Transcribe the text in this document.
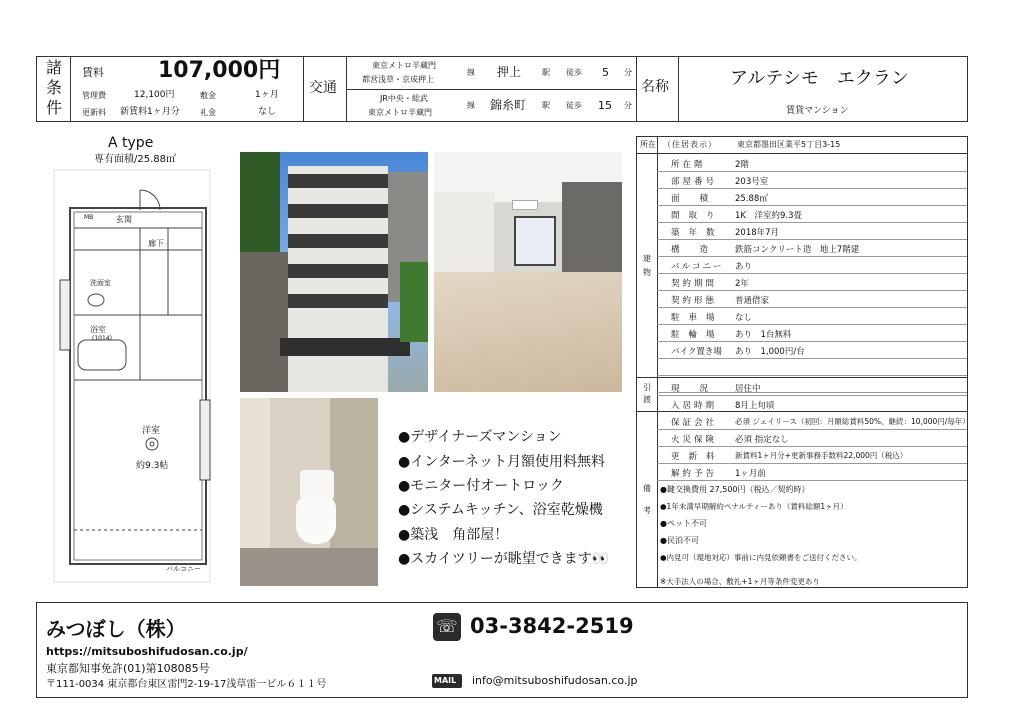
諸
条
件
賃料 107,000円
管理費	12,100円	敷金	1ヶ月
更新料 新賃料1ヶ月分	礼金	なし
交通
東京メトロ半蔵門
都営浅草・京成押上
線 押上	駅 徒歩 5 分
JR中央・総武
東京メトロ半蔵門
線 錦糸町 駅 徒歩 15 分
名称	アルテシモ　エクラン
賃貸マンション
A type
専有面積/25.88㎡
MB	玄関
廊下
洗面室
浴室
(1014)
洋室
約9.3帖
バルコニー
●デザイナーズマンション
●インターネット月額使用料無料
●モニター付オートロック
●システムキッチン、浴室乾燥機
●築浅　角部屋！
●スカイツリーが眺望できます👀
所在 （住居表示）	東京都墨田区業平5丁目3-15
所在階	2階
部屋番号 203号室
面積 25.88㎡
間取り 1K　洋室約9.3畳
築年数 2018年7月
構造 鉄筋コンクリート造　地上7階建
バルコニー あり
契約期間 2年
契約形態 普通借家
駐車場 なし
駐輪場 あり　1台無料
バイク置き場 あり　1,000円/台
建
物
現況 居住中
入居時期 8月上旬頃
引
渡
保証会社 必須 ジェイリース（初回：月額総賃料50%、継続：10,000円/毎年）
火災保険 必須 指定なし
更新料 新賃料1ヶ月分+更新事務手数料22,000円（税込）
解約予告 1ヶ月前
備
考
●鍵交換費用 27,500円（税込／契約時）
●1年未満早期解約ペナルティーあり（賃料総額1ヶ月）
●ペット不可
●民泊不可
●内見可（現地対応）事前に内見依頼書をご送付ください。
※大手法人の場合、敷礼+1ヶ月等条件変更あり
みつぼし（株）
https://mitsuboshifudosan.co.jp/
東京都知事免許(01)第108085号
〒111-0034 東京都台東区雷門2-19-17浅草雷一ビル６１１号
☏ 03-3842-2519
MAIL info@mitsuboshifudosan.co.jp
